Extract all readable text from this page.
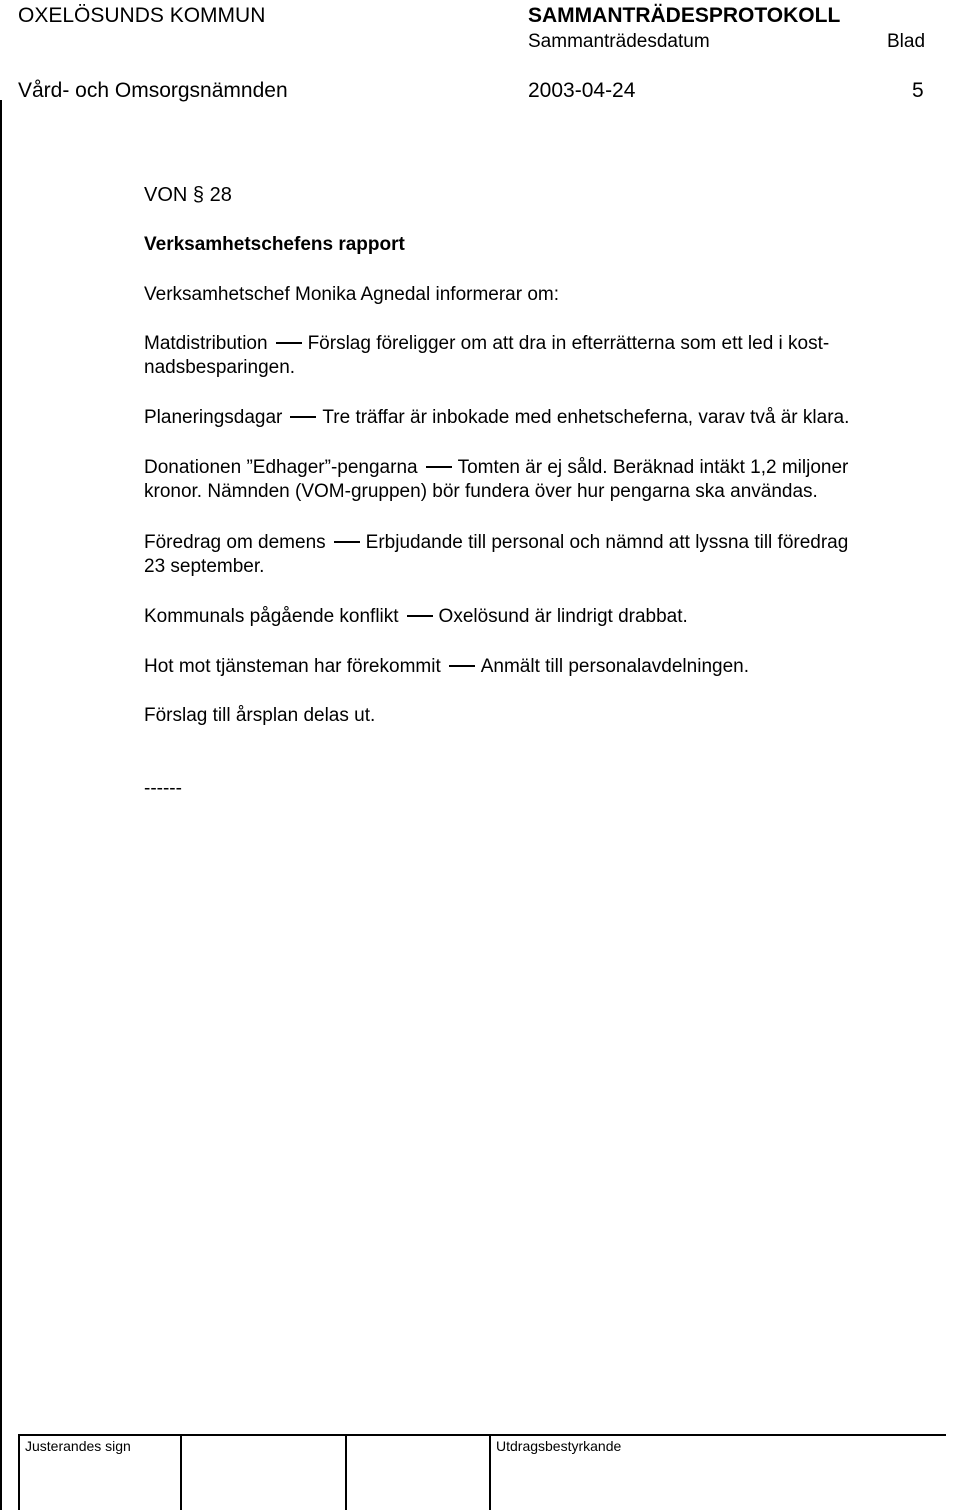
OXELÖSUNDS KOMMUN	SAMMANTRÄDESPROTOKOLL
Sammanträdesdatum	Blad
Vård- och Omsorgsnämnden	2003-04-24	5
VON § 28
Verksamhetschefens rapport
Verksamhetschef Monika Agnedal informerar om:
Matdistribution Förslag föreligger om att dra in efterrätterna som ett led i kost-
nadsbesparingen.
Planeringsdagar Tre träffar är inbokade med enhetscheferna, varav två är klara.
Donationen ”Edhager”-pengarna Tomten är ej såld. Beräknad intäkt 1,2 miljoner
kronor. Nämnden (VOM-gruppen) bör fundera över hur pengarna ska användas.
Föredrag om demens Erbjudande till personal och nämnd att lyssna till föredrag
23 september.
Kommunals pågående konflikt Oxelösund är lindrigt drabbat.
Hot mot tjänsteman har förekommit Anmält till personalavdelningen.
Förslag till årsplan delas ut.
------
Justerandes sign	Utdragsbestyrkande
